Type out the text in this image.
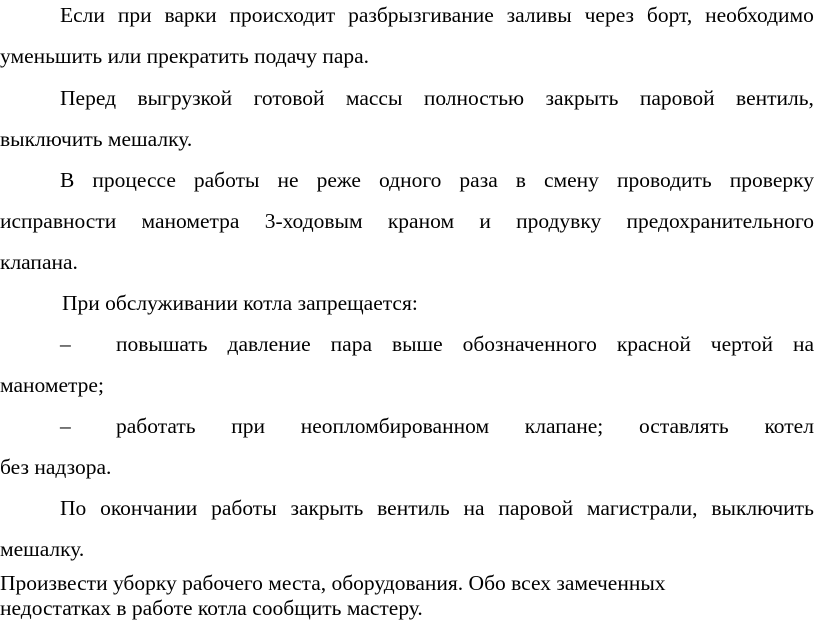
Если при варки происходит разбрызгивание заливы через борт, необходимо
уменьшить или прекратить подачу пара.
Перед выгрузкой готовой массы полностью закрыть паровой вентиль,
выключить мешалку.
В процессе работы не реже одного раза в смену проводить проверку
исправности манометра 3-ходовым краном и продувку предохранительного
клапана.
При обслуживании котла запрещается:
–	повышать давление пара выше обозначенного красной чертой на
манометре;
–	работать при неопломбированном клапане; оставлять котел
без надзора.
По окончании работы закрыть вентиль на паровой магистрали, выключить
мешалку.
Произвести уборку рабочего места, оборудования. Обо всех замеченных
недостатках в работе котла сообщить мастеру.
